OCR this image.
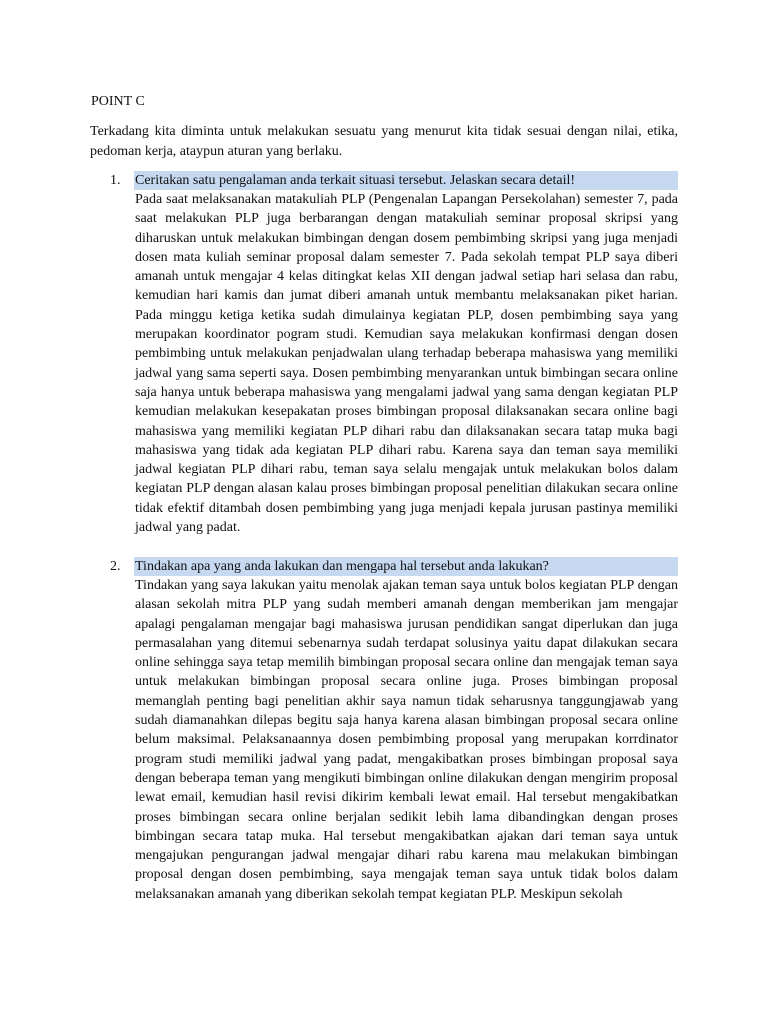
POINT C
Terkadang kita diminta untuk melakukan sesuatu yang menurut kita tidak sesuai dengan nilai, etika, pedoman kerja, ataypun aturan yang berlaku.
1.	Ceritakan satu pengalaman anda terkait situasi tersebut. Jelaskan secara detail!
Pada saat melaksanakan matakuliah PLP (Pengenalan Lapangan Persekolahan) semester 7, pada saat melakukan PLP juga berbarangan dengan matakuliah seminar proposal skripsi yang diharuskan untuk melakukan bimbingan dengan dosem pembimbing skripsi yang juga menjadi dosen mata kuliah seminar proposal dalam semester 7. Pada sekolah tempat PLP saya diberi amanah untuk mengajar 4 kelas ditingkat kelas XII dengan jadwal setiap hari selasa dan rabu, kemudian hari kamis dan jumat diberi amanah untuk membantu melaksanakan piket harian. Pada minggu ketiga ketika sudah dimulainya kegiatan PLP, dosen pembimbing saya yang merupakan koordinator pogram studi. Kemudian saya melakukan konfirmasi dengan dosen pembimbing untuk melakukan penjadwalan ulang terhadap beberapa mahasiswa yang memiliki jadwal yang sama seperti saya. Dosen pembimbing menyarankan untuk bimbingan secara online saja hanya untuk beberapa mahasiswa yang mengalami jadwal yang sama dengan kegiatan PLP kemudian melakukan kesepakatan proses bimbingan proposal dilaksanakan secara online bagi mahasiswa yang memiliki kegiatan PLP dihari rabu dan dilaksanakan secara tatap muka bagi mahasiswa yang tidak ada kegiatan PLP dihari rabu. Karena saya dan teman saya memiliki jadwal kegiatan PLP dihari rabu, teman saya selalu mengajak untuk melakukan bolos dalam kegiatan PLP dengan alasan kalau proses bimbingan proposal penelitian dilakukan secara online tidak efektif ditambah dosen pembimbing yang juga menjadi kepala jurusan pastinya memiliki jadwal yang padat.
2.	Tindakan apa yang anda lakukan dan mengapa hal tersebut anda lakukan?
Tindakan yang saya lakukan yaitu menolak ajakan teman saya untuk bolos kegiatan PLP dengan alasan sekolah mitra PLP yang sudah memberi amanah dengan memberikan jam mengajar apalagi pengalaman mengajar bagi mahasiswa jurusan pendidikan sangat diperlukan dan juga permasalahan yang ditemui sebenarnya sudah terdapat solusinya yaitu dapat dilakukan secara online sehingga saya tetap memilih bimbingan proposal secara online dan mengajak teman saya untuk melakukan bimbingan proposal secara online juga. Proses bimbingan proposal memanglah penting bagi penelitian akhir saya namun tidak seharusnya tanggungjawab yang sudah diamanahkan dilepas begitu saja hanya karena alasan bimbingan proposal secara online belum maksimal. Pelaksanaannya dosen pembimbing proposal yang merupakan korrdinator program studi memiliki jadwal yang padat, mengakibatkan proses bimbingan proposal saya dengan beberapa teman yang mengikuti bimbingan online dilakukan dengan mengirim proposal lewat email, kemudian hasil revisi dikirim kembali lewat email. Hal tersebut mengakibatkan proses bimbingan secara online berjalan sedikit lebih lama dibandingkan dengan proses bimbingan secara tatap muka. Hal tersebut mengakibatkan ajakan dari teman saya untuk mengajukan pengurangan jadwal mengajar dihari rabu karena mau melakukan bimbingan proposal dengan dosen pembimbing, saya mengajak teman saya untuk tidak bolos dalam melaksanakan amanah yang diberikan sekolah tempat kegiatan PLP. Meskipun sekolah
